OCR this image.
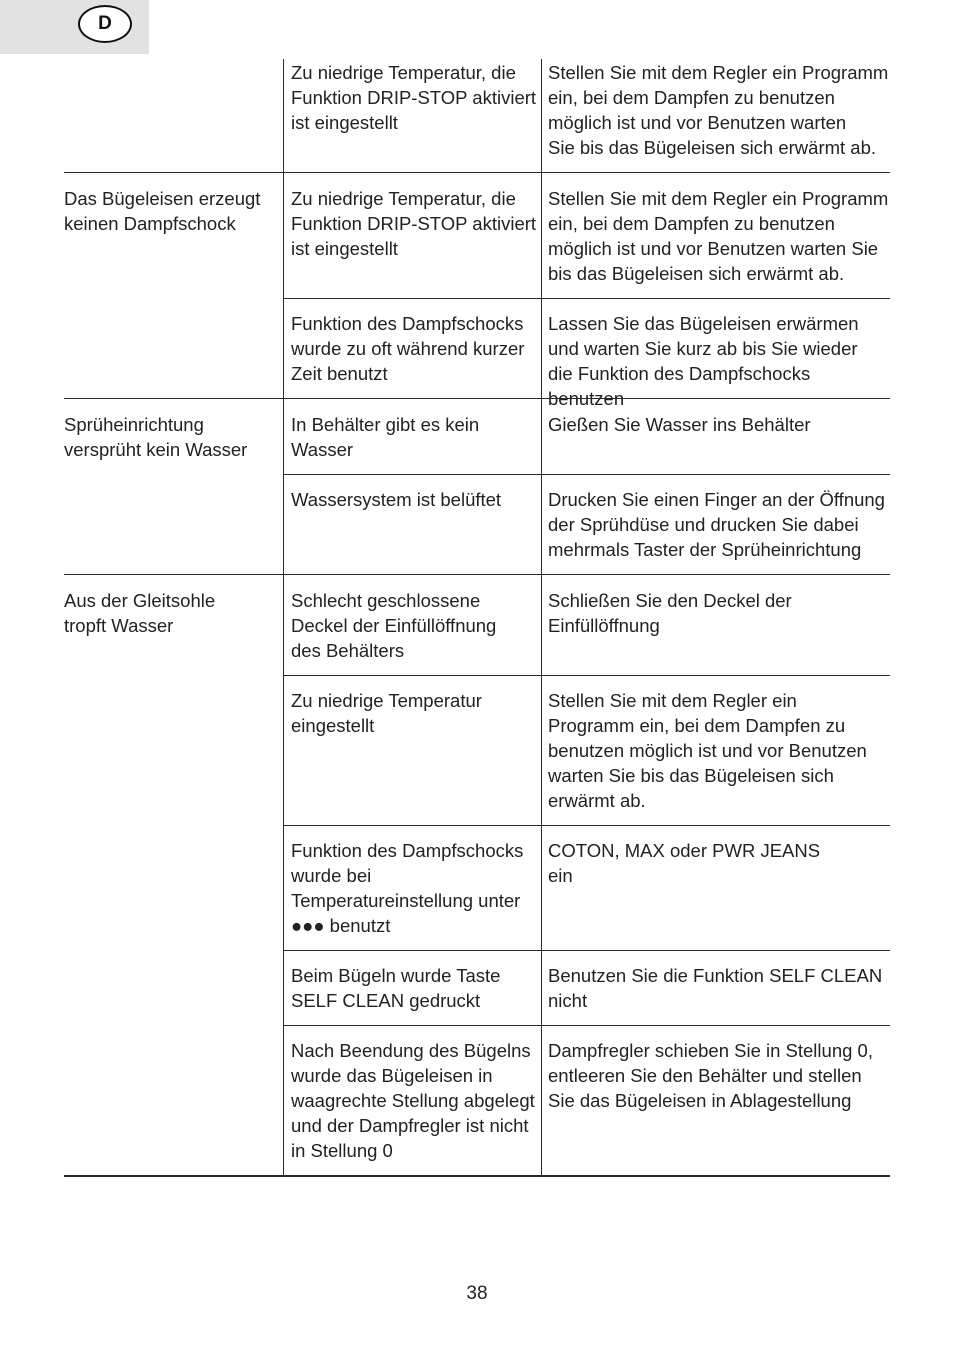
D
Zu niedrige Temperatur, die
Funktion DRIP-STOP aktiviert
ist eingestellt
Stellen Sie mit dem Regler ein Programm
ein, bei dem Dampfen zu benutzen
möglich ist und vor Benutzen warten
Sie bis das Bügeleisen sich erwärmt ab.
Das Bügeleisen erzeugt
keinen Dampfschock
Zu niedrige Temperatur, die
Funktion DRIP-STOP aktiviert
ist eingestellt
Stellen Sie mit dem Regler ein Programm
ein, bei dem Dampfen zu benutzen
möglich ist und vor Benutzen warten Sie
bis das Bügeleisen sich erwärmt ab.
Funktion des Dampfschocks
wurde zu oft während kurzer
Zeit benutzt
Lassen Sie das Bügeleisen erwärmen
und warten Sie kurz ab bis Sie wieder
die Funktion des Dampfschocks benutzen
Sprüheinrichtung
versprüht kein Wasser
In Behälter gibt es kein
Wasser
Gießen Sie Wasser ins Behälter
Wassersystem ist belüftet	Drucken Sie einen Finger an der Öffnung
der Sprühdüse und drucken Sie dabei
mehrmals Taster der Sprüheinrichtung
Aus der Gleitsohle
tropft Wasser
Schlecht geschlossene
Deckel der Einfüllöffnung
des Behälters
Schließen Sie den Deckel der
Einfüllöffnung
Zu niedrige Temperatur
eingestellt
Stellen Sie mit dem Regler ein
Programm ein, bei dem Dampfen zu
benutzen möglich ist und vor Benutzen
warten Sie bis das Bügeleisen sich
erwärmt ab.
Funktion des Dampfschocks
wurde bei
Temperatureinstellung unter
●●● benutzt
COTON, MAX oder PWR JEANS
ein
Beim Bügeln wurde Taste
SELF CLEAN gedruckt
Benutzen Sie die Funktion SELF CLEAN
nicht
Nach Beendung des Bügelns
wurde das Bügeleisen in
waagrechte Stellung abgelegt
und der Dampfregler ist nicht
in Stellung 0
Dampfregler schieben Sie in Stellung 0,
entleeren Sie den Behälter und stellen
Sie das Bügeleisen in Ablagestellung
38
